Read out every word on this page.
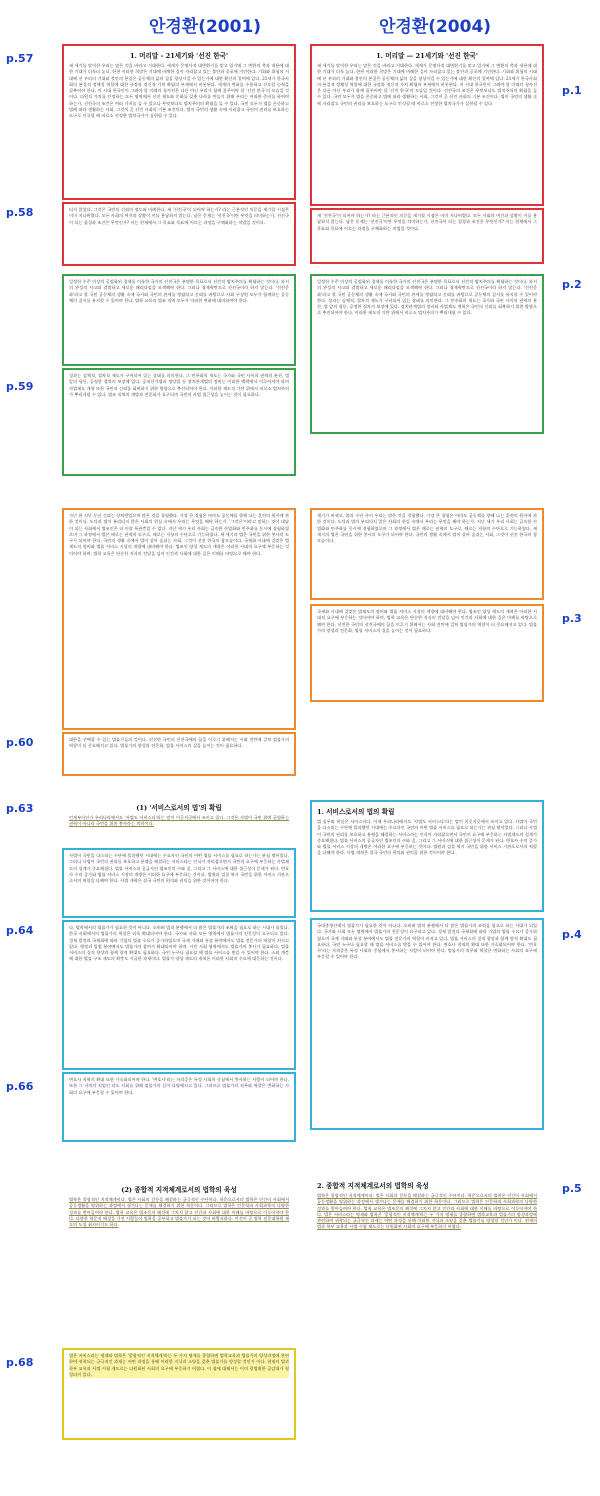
안경환(2001)	안경환(2004)
p.57
p.58
p.59
p.60
p.63
p.64
p.66
p.68
p.1
p.2
p.3
p.4
p.5
1. 머리말 - 21세기와 '선진 한국'

새 세기를 맞이한 우리는 많은 것을 바라고 기대한다. 세계가 문명사적 대변환기를 맞고 있기에 그 변환의 축과 내용에 대한 기대가 더욱더 높다. 한편 이러한 희망은 기대에 비례한 깊이 자리잡고 있는 불안과 공포에 기인한다. 기회와 위험의 시대에 선 우리의 기대와 불안의 본질은 공동체의 삶의 질을 향상시킬 수 있는가에 대한 확신의 결여에 있다. 21세기 한국사회의 본질적 정체성 역할에 대한 규정과 정신적 가치 확립의 부재에서 비롯된다. 세계의 변화를 수용하고 선도할 능력을 갖추어야 한다. 이 시대 한국인이 그려야 할 미래의 청사진은 다른 아닌 우리가 함께 꿈꾸어야 할 '선진 한국'의 모습일 것이다. 다원적 가치를 인정하는 모든 영역에서 선진 제도와 문화를 갖춘 나라를 만들기 위해 우리는 어떠한 준비를 하여야 하는가. 선진국의 조건은 여러 가지를 들 수 있으나 무엇보다도 법치주의의 확립을 들 수 있다. 국민 모두가 법을 존중하고 법에 따라 생활하는 사회, 그것이 곧 선진 사회의 기본 조건이다. 법이 국민의 생활 속에 자리잡고 국민의 권리를 보호하는 도구로 인식될 때 비로소 진정한 법치국가가 실현될 수 있다.

되지 않았다. 그것은 국민의 신뢰의 정도와 비례한다. 새 '선진국'이 되어야 하는가? 라는 근본적인 의문을 제기할 시점은 이미 지나버렸다. 모든 사회의 여건과 상황이 이를 용납하지 않는다. 남은 문제는 '선진국'이란 무엇을 의미하는가, 선진국이 되는 첩경과 조건은 무엇인가? 이는 현재에서 그 목표와 목표에 이르는 과정을 구체화하는 작업일 것이다.

일정한 수준 이상의 공업화된 경제를 이룩한 국가의 선진국은 분명한 목표로서 선진적 법치주의를 확립하는 것이다. 과거의 관성적 사고와 결별하고 새로운 패러다임을 모색해야 한다. 그러나 경제력만으로 선진국이라 하지 않는다. '선진문화'라고 할 국민 공동체의 생활 속에 국가와 국민의 관계를 정립하고 신뢰를 바탕으로 사회 구성원 모두가 함께하는 공동체의 질서를 유지할 수 있어야 한다. 법학 교육과 법조 직역 모두가 이러한 변화에 대비하여야 한다.

성과는 실체적, 절차적 제도가 구비되어 있는 상태를 의미한다. 그 민주화의 척도는 국가와 국민 사이의 권력의 분산, 법 앞의 평등, 공정한 절차의 보장에 있다. 공직선거법과 정당법 등 정치관계법의 정비는 이러한 맥락에서 이루어져야 하며 사법제도 개혁 또한 국민의 신뢰를 회복하기 위한 방향으로 추진되어야 한다. 이러한 제도적 기반 위에서 비로소 법치주의가 뿌리내릴 수 있다. 법조 직역의 개방과 전문화가 요구되며 국민의 사법 접근성을 높이는 것이 필요하다.

가난 한 지난 동안 신뢰는 상처받았으며 많은 것을 경험했다. 가장 큰 경험은 아마도 공동체를 향해 나는 훈련의 원이에 관한 것이다. 도덕과 법이 분리되지 않은 사회의 현실 속에서 우리는 무엇을 해야 하는가. '그것은'이라고 말하는 것이 대답이 되는 사회에서 법조인은 더 이상 특권층일 수 없다. 지난 세기 우리 사회는 급속한 산업화와 민주화를 동시에 경험하였으며 그 과정에서 법은 때로는 권력의 도구로, 때로는 저항의 수단으로 기능하였다. 새 세기의 법은 국민을 위한 봉사의 도구가 되어야 한다. 국민의 생활 속에서 법이 살아 숨쉬는 사회, 그것이 선진 한국의 참모습이다. 국제화 시대에 걸맞은 법제도의 정비와 법률 서비스 시장의 개방에 대비해야 한다. 법조인 양성 제도의 개혁은 이러한 시대적 요구에 부응하는 것이어야 하며, 법학 교육은 단순한 지식의 전달을 넘어 인간과 사회에 대한 깊은 이해를 바탕으로 해야 한다.

대한을 선택할 수 있는 법률가들의 것이다. 선진한 국민의 선진국에의 꿈을 이루기 위해서는 사회 전반에 걸쳐 법률가의 역할이 더 중요해지고 있다. 법률가의 양성과 전문화, 법률 서비스의 질을 높이는 것이 필요하다.

(1) '서비스로서의 법'의 확립

언제부터인가 우리나라에서도 '사법도 서비스다'라는 말이 이곳저곳에서 쓰이고 있다. 그것은 사법이 국민 위에 군림하는 권력이 아니라 국민을 위한 봉사라는 의미이다.

사법이 국민을 다스리는 수단에 불과했던 시대에는 수요자인 국민의 어떤 법률 서비스를 필요로 하는가는 관심 밖이었다. 그러나 사법이 국민의 권리를 보호하고 분쟁을 해결하는 서비스라는 인식이 자리잡으면서 국민의 요구에 부응하는 사법제도의 설계가 중요해졌다. 법률 서비스의 공급자인 법조인의 수와 질, 그리고 그 서비스에 대한 접근성이 문제가 된다. 변호사 수의 증가와 법률 서비스 시장의 개방은 이러한 요구에 부응하는 것이다. 법원과 검찰 역시 국민을 위한 서비스 기관으로서의 역할을 다해야 한다. 사법 개혁은 결국 국민의 편의와 권익을 위한 것이어야 한다.

다. 법학에서의 법률가가 필요한 것이 아니다. 오히려 법적 분쟁에서 더 많은 법률가의 조력을 필요로 하는 시대가 되었다. 한국 사회에서의 법률가의 역할은 더욱 확대되어야 한다. 국가와 사회 모든 영역에서 법률가의 전문성이 요구되고 있다. 경제 발전과 국제화에 따라 기업의 법률 수요가 증가하였으며 국제 거래와 통상 분야에서도 법률 전문가의 역할이 커지고 있다. 행정과 입법 분야에서도 법률가의 참여가 확대되어야 하며, 시민 사회 영역에서도 법률가의 봉사가 필요하다. 법률 서비스의 질적 향상과 함께 양적 확대도 필요하다. 국민 누구나 필요할 때 법률 서비스를 받을 수 있어야 한다. 소외 계층에 대한 법률 구조 제도의 확충도 시급한 과제이다. 법률가 양성 제도의 개혁은 이러한 사회적 수요에 대응하는 것이다.

변호사 직역의 확대 또한 가속화되어야 한다. '변호사'라는 자격증은 특정 사회의 중심에서 봉사하는 사람이 되어야 한다. 또한 그 자격의 직업인 다도 사회를 위해 법률가의 길이 다양해지고 있다. 그러므로 법률가의 직무와 역할은 변화하는 사회의 요구에 부응할 수 있어야 한다.

(2) 종합적 지적체계로서의 법학의 육성

법학은 종합적인 지적체계이다. 법은 사회의 갈등을 해결하는 궁극적인 수단이다. 학문으로서의 법학은 인간이 사회에서 공동생활을 영위하는 과정에서 생겨나는 문제를 해결하기 위한 학문이다. 그러므로 법학은 인문학과 사회과학의 다양한 성과를 받아들여야 한다. 법학 교육은 법조문의 해석에 그치지 않고 인간과 사회에 대한 이해를 바탕으로 이루어져야 한다. 다양한 학문적 배경을 가진 사람들이 법학을 공부하고 법률가가 되는 것이 바람직하다. 이것이 곧 법학 전문대학원 제도의 도입 취지이기도 하다.

법은 서비스라는 명제와 법학은 '종합적인 지적체계'라는 두 가지 명제를 종합하면 법학교육과 법률가의 양성과정에 관련하여 귀착되는 궁극적인 과제는 어떤 과정을 통해 이러한 지식과 소양을 갖춘 법률가를 양성할 것인가 이다. 현재의 법과 학부 교육과 사법 시험 제도로는 다원화된 사회의 요구에 부응하기 어렵다. 이 점에 대해서는 이미 광범위한 공감대가 형성되어 있다.

1. 머리말 — 21세기와 '선진 한국'

새 세기를 맞이한 우리는 많은 것을 바라고 기대한다. 세계가 문명사적 대변환기를 맞고 있기에 그 변환의 축과 내용에 대한 기대가 더욱 높다. 한편 이러한 희망은 기대에 비례한 깊이 자리잡고 있는 불안과 공포에 기인한다. 기회와 위험의 시대에 선 우리의 기대와 불안의 본질은 공동체의 삶의 질을 향상시킬 수 있는가에 대한 확신의 결여에 있다. 21세기 한국사회의 본질적 정체성 역할에 대한 규정과 정신적 가치 확립의 부재에서 비롯된다. 이 시대 한국인이 그려야 할 미래의 청사진은 다른 아닌 우리가 함께 꿈꾸어야 할 '선진 한국'의 모습일 것이다. 선진국의 조건은 무엇보다도 법치주의의 확립을 들 수 있다. 국민 모두가 법을 존중하고 법에 따라 생활하는 사회, 그것이 곧 선진 사회의 기본 조건이다. 법이 국민의 생활 속에 자리잡고 국민의 권리를 보호하는 도구로 인식될 때 비로소 진정한 법치국가가 실현될 수 있다.

새 '선진국'이 되어야 하는가? 라는 근본적인 의문을 제기할 시점은 이미 지나버렸다. 모든 사회의 여건과 상황이 이를 용납하지 않는다. 남은 문제는 '선진국'이란 무엇을 의미하는가, 선진국이 되는 첩경과 조건은 무엇인가? 이는 현재에서 그 목표와 목표에 이르는 과정을 구체화하는 작업일 것이다.

일정한 수준 이상의 공업화된 경제를 이룩한 국가의 선진국은 분명한 목표로서 선진적 법치주의를 확립하는 것이다. 과거의 관성적 사고와 결별하고 새로운 패러다임을 모색해야 한다. 그러나 경제력만으로 선진국이라 하지 않는다. '선진문화'라고 할 국민 공동체의 생활 속에 국가와 국민의 관계를 정립하고 신뢰를 바탕으로 공동체의 질서를 유지할 수 있어야 한다. 성과는 실체적, 절차적 제도가 구비되어 있는 상태를 의미한다. 그 민주화의 척도는 국가와 국민 사이의 권력의 분산, 법 앞의 평등, 공정한 절차의 보장에 있다. 정치관계법의 정비와 사법제도 개혁은 국민의 신뢰를 회복하기 위한 방향으로 추진되어야 한다. 이러한 제도적 기반 위에서 비로소 법치주의가 뿌리내릴 수 있다.

세기가 바뀌고, 불과 수년 사이 우리는 많은 것을 경험했다. 가장 큰 경험은 아마도 공동체를 향해 나는 훈련의 원이에 관한 것이다. 도덕과 법이 분리되지 않은 사회의 현실 속에서 우리는 무엇을 해야 하는가. 지난 세기 우리 사회는 급속한 산업화와 민주화를 동시에 경험하였으며 그 과정에서 법은 때로는 권력의 도구로, 때로는 저항의 수단으로 기능하였다. 새 세기의 법은 국민을 위한 봉사의 도구가 되어야 한다. 국민의 생활 속에서 법이 살아 숨쉬는 사회, 그것이 선진 한국의 참모습이다.

국제화 시대에 걸맞은 법제도의 정비와 법률 서비스 시장의 개방에 대비해야 한다. 법조인 양성 제도의 개혁은 이러한 시대적 요구에 부응하는 것이어야 하며, 법학 교육은 단순한 지식의 전달을 넘어 인간과 사회에 대한 깊은 이해를 바탕으로 해야 한다. 선진한 국민의 선진국에의 꿈을 이루기 위해서는 사회 전반에 걸쳐 법률가의 역할이 더 중요해지고 있다. 법률가의 양성과 전문화, 법률 서비스의 질을 높이는 것이 필요하다.

1. 서비스로서의 법의 확립

법 실무와 현실은 서비스이다. 이제 우리나라에서도 '사법도 서비스다'라는 말이 이곳저곳에서 쓰이고 있다. 사법이 국민을 다스리는 수단에 불과했던 시대에는 수요자인 국민의 어떤 법률 서비스를 필요로 하는가는 관심 밖이었다. 그러나 사법이 국민의 권리를 보호하고 분쟁을 해결하는 서비스라는 인식이 자리잡으면서 국민의 요구에 부응하는 사법제도의 설계가 중요해졌다. 법률 서비스의 공급자인 법조인의 수와 질, 그리고 그 서비스에 대한 접근성이 문제가 된다. 변호사 수의 증가와 법률 서비스 시장의 개방은 이러한 요구에 부응하는 것이다. 법원과 검찰 역시 국민을 위한 서비스 기관으로서의 역할을 다해야 한다. 사법 개혁은 결국 국민의 편의와 권익을 위한 것이어야 한다.

국내총생산에서 법률가가 필요한 것이 아니다. 오히려 법적 분쟁에서 더 많은 법률가의 조력을 필요로 하는 시대가 되었다. 국가와 사회 모든 영역에서 법률가의 전문성이 요구되고 있다. 경제 발전과 국제화에 따라 기업의 법률 수요가 증가하였으며 국제 거래와 통상 분야에서도 법률 전문가의 역할이 커지고 있다. 법률 서비스의 질적 향상과 함께 양적 확대도 필요하다. 국민 누구나 필요할 때 법률 서비스를 받을 수 있어야 한다. 변호사 직역의 확대 또한 가속화되어야 한다. '변호사'라는 자격증은 특정 사회의 중심에서 봉사하는 사람이 되어야 한다. 법률가의 직무와 역할은 변화하는 사회의 요구에 부응할 수 있어야 한다.

2. 종합적 지적체계로서의 법학의 육성

법학은 종합적인 지적체계이다. 법은 사회의 갈등을 해결하는 궁극적인 수단이다. 학문으로서의 법학은 인간이 사회에서 공동생활을 영위하는 과정에서 생겨나는 문제를 해결하기 위한 학문이다. 그러므로 법학은 인문학과 사회과학의 다양한 성과를 받아들여야 한다. 법학 교육은 법조문의 해석에 그치지 않고 인간과 사회에 대한 이해를 바탕으로 이루어져야 한다. 법은 서비스라는 명제와 법학은 '종합적인 지적체계'라는 두 가지 명제를 종합하면 법학교육과 법률가의 양성과정에 관련하여 귀착되는 궁극적인 과제는 어떤 과정을 통해 이러한 지식과 소양을 갖춘 법률가를 양성할 것인가 이다. 현재의 법과 학부 교육과 사법 시험 제도로는 다원화된 사회의 요구에 부응하기 어렵다.
